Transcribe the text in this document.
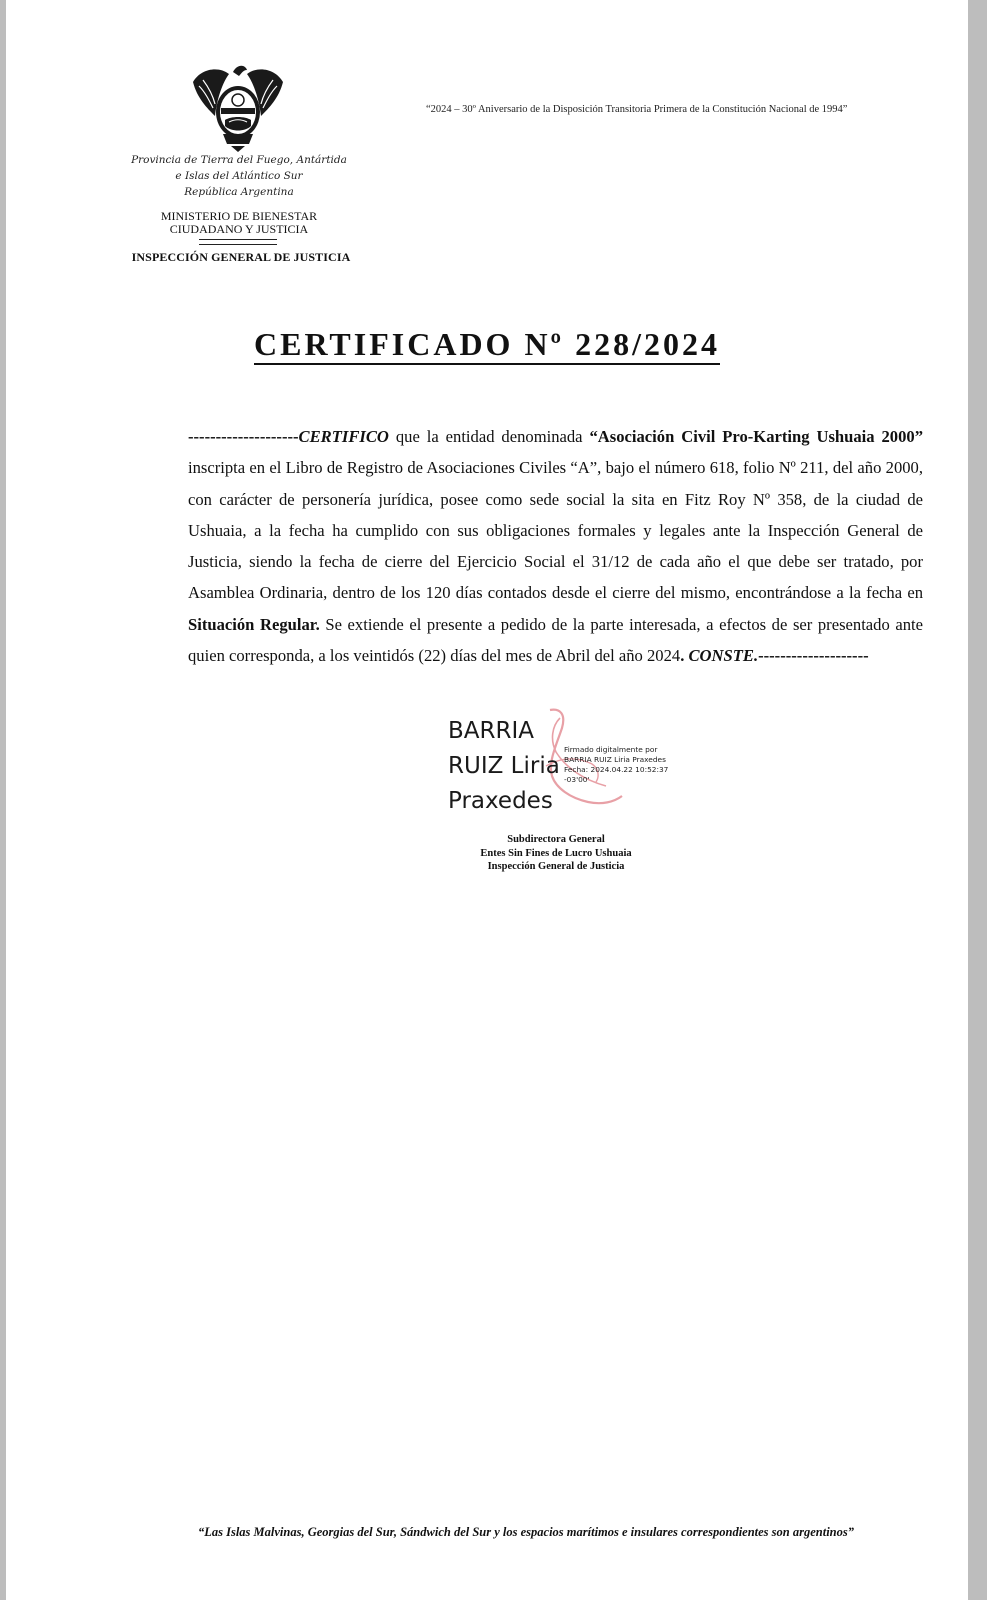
Provincia de Tierra del Fuego, Antártida
e Islas del Atlántico Sur
República Argentina
MINISTERIO DE BIENESTAR
CIUDADANO Y JUSTICIA
INSPECCIÓN GENERAL DE JUSTICIA
“2024 – 30º Aniversario de la Disposición Transitoria Primera de la Constitución Nacional de 1994”
CERTIFICADO Nº 228/2024
--------------------CERTIFICO que la entidad denominada “Asociación Civil Pro-Karting Ushuaia 2000” inscripta en el Libro de Registro de Asociaciones Civiles “A”, bajo el número 618, folio Nº 211, del año 2000, con carácter de personería jurídica, posee como sede social la sita en Fitz Roy Nº 358, de la ciudad de Ushuaia, a la fecha ha cumplido con sus obligaciones formales y legales ante la Inspección General de Justicia, siendo la fecha de cierre del Ejercicio Social el 31/12 de cada año el que debe ser tratado, por Asamblea Ordinaria, dentro de los 120 días contados desde el cierre del mismo, encontrándose a la fecha en Situación Regular. Se extiende el presente a pedido de la parte interesada, a efectos de ser presentado ante quien corresponda, a los veintidós (22) días del mes de Abril del año 2024. CONSTE.--------------------
BARRIA
RUIZ Liria
Praxedes
Firmado digitalmente por
BARRIA RUIZ Liria Praxedes
Fecha: 2024.04.22 10:52:37
-03'00'
Subdirectora General
Entes Sin Fines de Lucro Ushuaia
Inspección General de Justicia
“Las Islas Malvinas, Georgias del Sur, Sándwich del Sur y los espacios marítimos e insulares correspondientes son argentinos”
